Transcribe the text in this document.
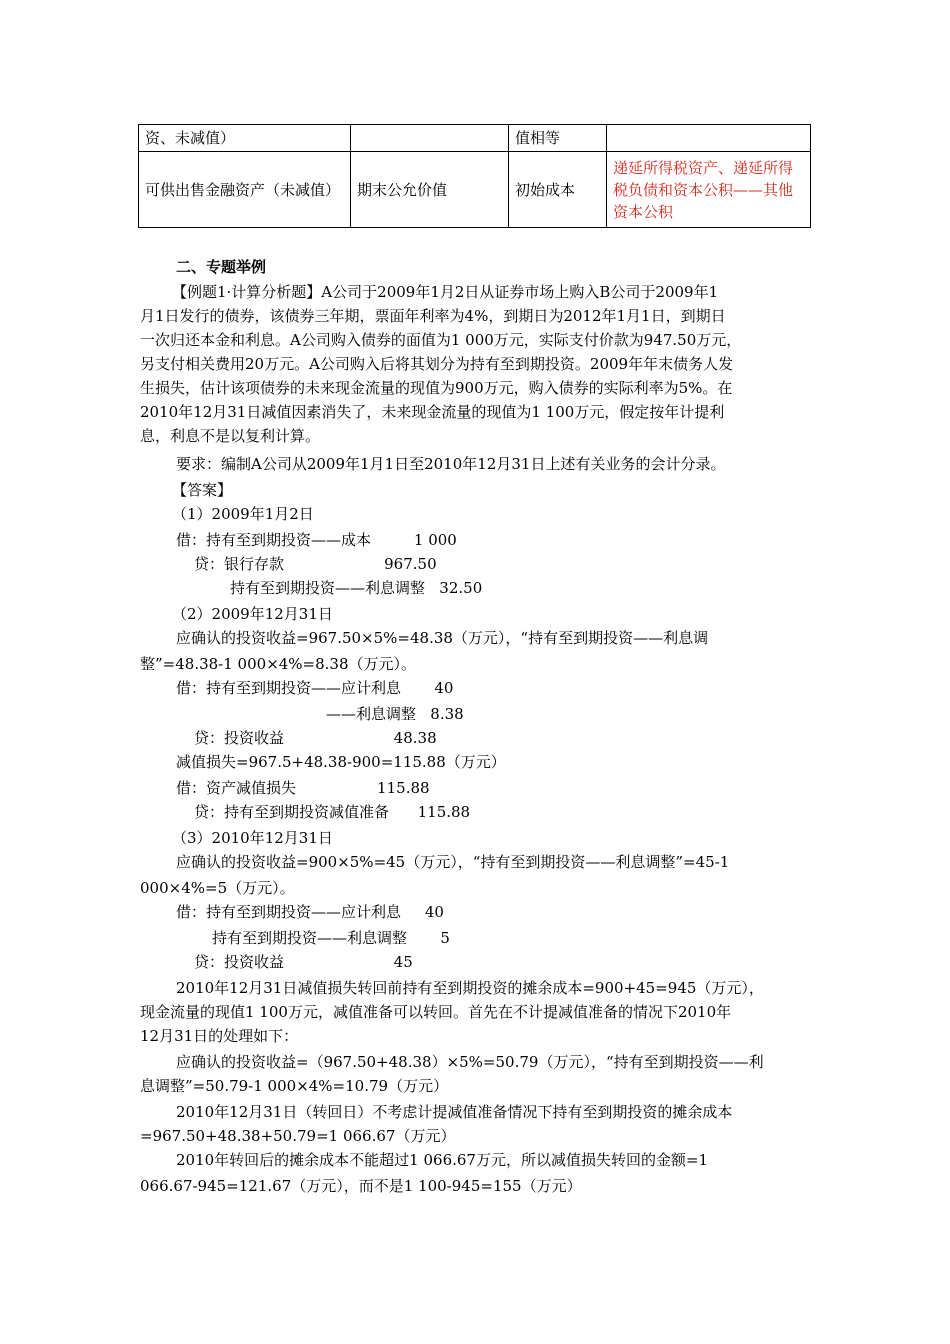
资、未减值）		值相等	
可供出售金融资产（未减值）	期末公允价值	初始成本	递延所得税资产、递延所得税负债和资本公积——其他资本公积
二、专题举例
【例题1·计算分析题】A公司于2009年1月2日从证券市场上购入B公司于2009年1
月1日发行的债券，该债券三年期，票面年利率为4%，到期日为2012年1月1日，到期日
一次归还本金和利息。A公司购入债券的面值为1 000万元，实际支付价款为947.50万元，
另支付相关费用20万元。A公司购入后将其划分为持有至到期投资。2009年年末债务人发
生损失，估计该项债券的未来现金流量的现值为900万元，购入债券的实际利率为5%。在
2010年12月31日减值因素消失了，未来现金流量的现值为1 100万元，假定按年计提利
息，利息不是以复利计算。
要求：编制A公司从2009年1月1日至2010年12月31日上述有关业务的会计分录。
【答案】
（1）2009年1月2日
借：持有至到期投资——成本         1 000
贷：银行存款                     967.50
持有至到期投资——利息调整   32.50
（2）2009年12月31日
应确认的投资收益=967.50×5%=48.38（万元），“持有至到期投资——利息调
整”=48.38-1 000×4%=8.38（万元）。
借：持有至到期投资——应计利息       40
——利息调整   8.38
贷：投资收益                       48.38
减值损失=967.5+48.38-900=115.88（万元）
借：资产减值损失                 115.88
贷：持有至到期投资减值准备      115.88
（3）2010年12月31日
应确认的投资收益=900×5%=45（万元），“持有至到期投资——利息调整”=45-1
000×4%=5（万元）。
借：持有至到期投资——应计利息     40
持有至到期投资——利息调整       5
贷：投资收益                       45
2010年12月31日减值损失转回前持有至到期投资的摊余成本=900+45=945（万元），
现金流量的现值1 100万元，减值准备可以转回。首先在不计提减值准备的情况下2010年
12月31日的处理如下：
应确认的投资收益=（967.50+48.38）×5%=50.79（万元），“持有至到期投资——利
息调整”=50.79-1 000×4%=10.79（万元）
2010年12月31日（转回日）不考虑计提减值准备情况下持有至到期投资的摊余成本
=967.50+48.38+50.79=1 066.67（万元）
2010年转回后的摊余成本不能超过1 066.67万元，所以减值损失转回的金额=1
066.67-945=121.67（万元），而不是1 100-945=155（万元）
